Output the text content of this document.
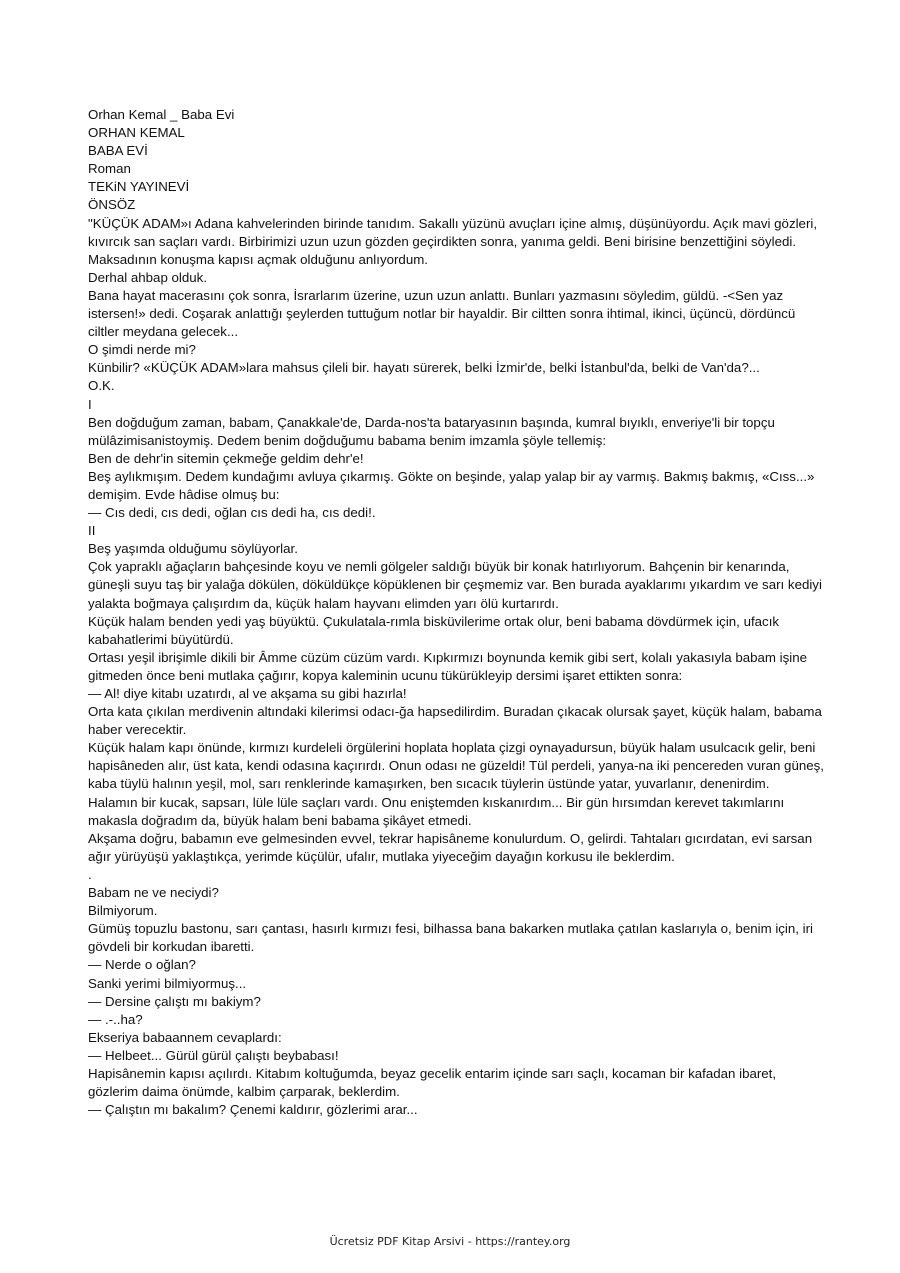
Orhan Kemal _ Baba Evi

ORHAN KEMAL

BABA EVİ

Roman

TEKiN YAYINEVİ

ÖNSÖZ

"KÜÇÜK ADAM»ı Adana kahvelerinden birinde tanıdım. Sakallı yüzünü avuçları içine almış, düşünüyordu. Açık mavi gözleri, kıvırcık san saçları vardı. Birbirimizi uzun uzun gözden geçirdikten sonra, yanıma geldi. Beni birisine benzettiğini söyledi. Maksadının konuşma kapısı açmak olduğunu anlıyordum.

Derhal ahbap olduk.

Bana hayat macerasını çok sonra, İsrarlarım üzerine, uzun uzun anlattı. Bunları yazmasını söyledim, güldü. -<Sen yaz istersen!» dedi. Coşarak anlattığı şeylerden tuttuğum notlar bir hayaldir. Bir ciltten sonra ihtimal, ikinci, üçüncü, dördüncü ciltler meydana gelecek...

O şimdi nerde mi?

Künbilir? «KÜÇÜK ADAM»lara mahsus çileli bir. hayatı sürerek, belki İzmir'de, belki İstanbul'da, belki de Van'da?...

O.K.

I

Ben doğduğum zaman, babam, Çanakkale'de, Darda-nos'ta bataryasının başında, kumral bıyıklı, enveriye'li bir topçu mülâzimisanistoymiş. Dedem benim doğduğumu babama benim imzamla şöyle tellemiş:

Ben de dehr'in sitemin çekmeğe geldim dehr'e!

Beş aylıkmışım. Dedem kundağımı avluya çıkarmış. Gökte on beşinde, yalap yalap bir ay varmış. Bakmış bakmış, «Cıss...» demişim. Evde hâdise olmuş bu:

— Cıs dedi, cıs dedi, oğlan cıs dedi ha, cıs dedi!.

II

Beş yaşımda olduğumu söylüyorlar.

Çok yapraklı ağaçların bahçesinde koyu ve nemli gölgeler saldığı büyük bir konak hatırlıyorum. Bahçenin bir kenarında, güneşli suyu taş bir yalağa dökülen, döküldükçe köpüklenen bir çeşmemiz var. Ben burada ayaklarımı yıkardım ve sarı kediyi yalakta boğmaya çalışırdım da, küçük halam hayvanı elimden yarı ölü kurtarırdı.

Küçük halam benden yedi yaş büyüktü. Çukulatala-rımla bisküvilerime ortak olur, beni babama dövdürmek için, ufacık kabahatlerimi büyütürdü.

Ortası yeşil ibrişimle dikili bir Âmme cüzüm cüzüm vardı. Kıpkırmızı boynunda kemik gibi sert, kolalı yakasıyla babam işine gitmeden önce beni mutlaka çağırır, kopya kaleminin ucunu tükürükleyip dersimi işaret ettikten sonra:

— Al! diye kitabı uzatırdı, al ve akşama su gibi hazırla!

Orta kata çıkılan merdivenin altındaki kilerimsi odacı-ğa hapsedilirdim. Buradan çıkacak olursak şayet, küçük halam, babama haber verecektir.

Küçük halam kapı önünde, kırmızı kurdeleli örgülerini hoplata hoplata çizgi oynayadursun, büyük halam usulcacık gelir, beni hapisâneden alır, üst kata, kendi odasına kaçırırdı. Onun odası ne güzeldi! Tül perdeli, yanya-na iki pencereden vuran güneş, kaba tüylü halının yeşil, mol, sarı renklerinde kamaşırken, ben sıcacık tüylerin üstünde yatar, yuvarlanır, denenirdim.

Halamın bir kucak, sapsarı, lüle lüle saçları vardı. Onu eniştemden kıskanırdım... Bir gün hırsımdan kerevet takımlarını makasla doğradım da, büyük halam beni babama şikâyet etmedi.

Akşama doğru, babamın eve gelmesinden evvel, tekrar hapisâneme konulurdum. O, gelirdi. Tahtaları gıcırdatan, evi sarsan ağır yürüyüşü yaklaştıkça, yerimde küçülür, ufalır, mutlaka yiyeceğim dayağın korkusu ile beklerdim.

.

Babam ne ve neciydi?

Bilmiyorum.

Gümüş topuzlu bastonu, sarı çantası, hasırlı kırmızı fesi, bilhassa bana bakarken mutlaka çatılan kaslarıyla o, benim için, iri gövdeli bir korkudan ibaretti.

— Nerde o oğlan?

Sanki yerimi bilmiyormuş...

— Dersine çalıştı mı bakiym?

— .-..ha?

Ekseriya babaannem cevaplardı:

— Helbeet... Gürül gürül çalıştı beybabası!

Hapisânemin kapısı açılırdı. Kitabım koltuğumda, beyaz gecelik entarim içinde sarı saçlı, kocaman bir kafadan ibaret, gözlerim daima önümde, kalbim çarparak, beklerdim.

— Çalıştın mı bakalım? Çenemi kaldırır, gözlerimi arar...

Ücretsiz PDF Kitap Arsivi - https://rantey.org
